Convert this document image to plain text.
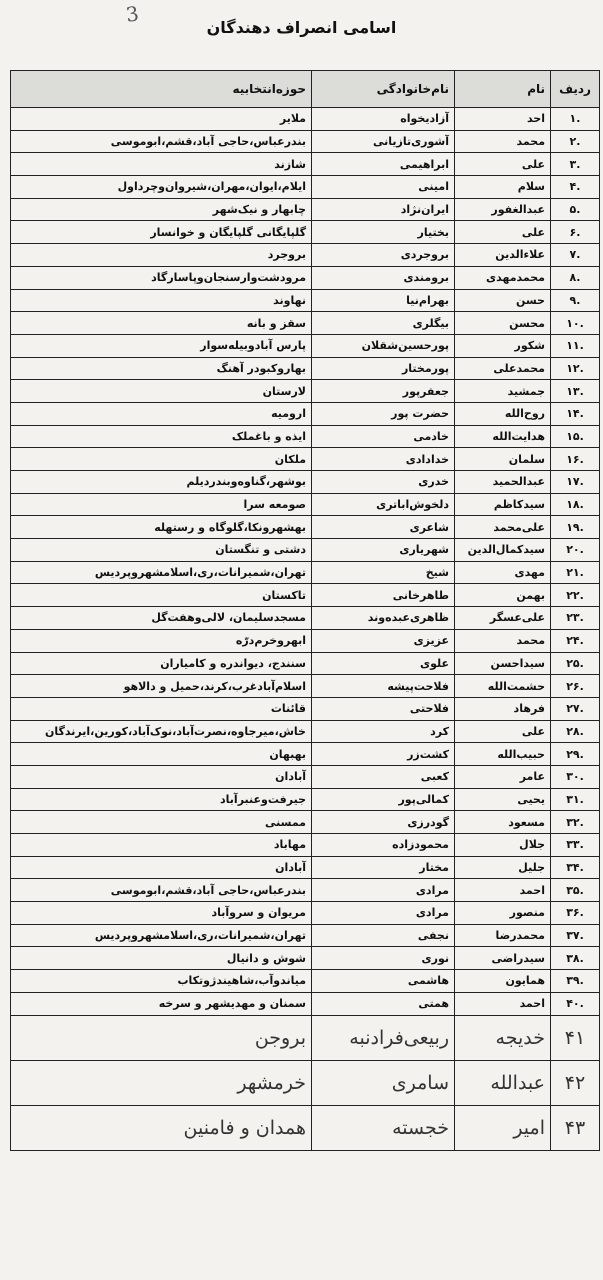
3
اسامی انصراف دهندگان
ردیف	نام	نام‌خانوادگی	حوزه‌انتخابیه
.۱	احد	آزادیخواه	ملایر
.۲	محمد	آشوری‌تازیانی	بندرعباس،حاجی آباد،قشم،ابوموسی
.۳	علی	ابراهیمی	شازند
.۴	سلام	امینی	ایلام،ایوان،مهران،شیروان‌وچرداول
.۵	عبدالغفور	ایران‌نژاد	چابهار و نیک‌شهر
.۶	علی	بختیار	گلپایگانی گلپایگان و خوانسار
.۷	علاءالدین	بروجردی	بروجرد
.۸	محمدمهدی	برومندی	مرودشت‌وارسنجان‌وپاسارگاد
.۹	حسن	بهرام‌نیا	نهاوند
.۱۰	محسن	بیگلری	سقز و بانه
.۱۱	شکور	پورحسین‌شقلان	پارس آباد‌وبیله‌سوار
.۱۲	محمدعلی	پورمختار	بهاروکبودر آهنگ
.۱۳	جمشید	جعفرپور	لارستان
.۱۴	روح‌الله	حضرت پور	ارومیه
.۱۵	هدایت‌الله	خادمی	ایذه و باغملک
.۱۶	سلمان	خدادادی	ملکان
.۱۷	عبدالحمید	خدری	بوشهر،گناوه‌وبندردیلم
.۱۸	سیدکاظم	دلخوش‌اباتری	صومعه سرا
.۱۹	علی‌محمد	شاعری	بهشهرونکا،گلوگاه و رستهله
.۲۰	سیدکمال‌الدین	شهریاری	دشتی و تنگستان
.۲۱	مهدی	شیخ	تهران،شمیرانات،ری،اسلامشهروپردیس
.۲۲	بهمن	طاهرخانی	تاکستان
.۲۳	علی‌عسگر	ظاهری‌عبده‌وند	مسجدسلیمان، لالی‌وهفت‌گل
.۲۴	محمد	عزیزی	ابهروخرم‌درّه
.۲۵	سیداحسن	علوی	سنندج، دیواندره و کامیاران
.۲۶	حشمت‌الله	فلاحت‌پیشه	اسلام‌آبادغرب،کرند،حمیل و دالاهو
.۲۷	فرهاد	فلاحتی	قائنات
.۲۸	علی	کرد	خاش،میرجاوه،نصرت‌آباد،نوک‌آباد،کورین،ایرندگان
.۲۹	حبیب‌الله	کشت‌زر	بهبهان
.۳۰	عامر	کعبی	آبادان
.۳۱	یحیی	کمالی‌پور	جیرفت‌وعنبرآباد
.۳۲	مسعود	گودرزی	ممسنی
.۳۳	جلال	محمودزاده	مهاباد
.۳۴	جلیل	مختار	آبادان
.۳۵	احمد	مرادی	بندرعباس،حاجی آباد،قشم،ابوموسی
.۳۶	منصور	مرادی	مریوان و سروآباد
.۳۷	محمدرضا	نجفی	تهران،شمیرانات،ری،اسلامشهروپردیس
.۳۸	سیدراضی	نوری	شوش و دانیال
.۳۹	همایون	هاشمی	میاندوآب،شاهیندژوتکاب
.۴۰	احمد	همتی	سمنان و مهدیشهر و سرخه
۴۱	خدیجه	ربیعی‌فرادنبه	بروجن
۴۲	عبدالله	سامری	خرمشهر
۴۳	امیر	خجسته	همدان و فامنین
